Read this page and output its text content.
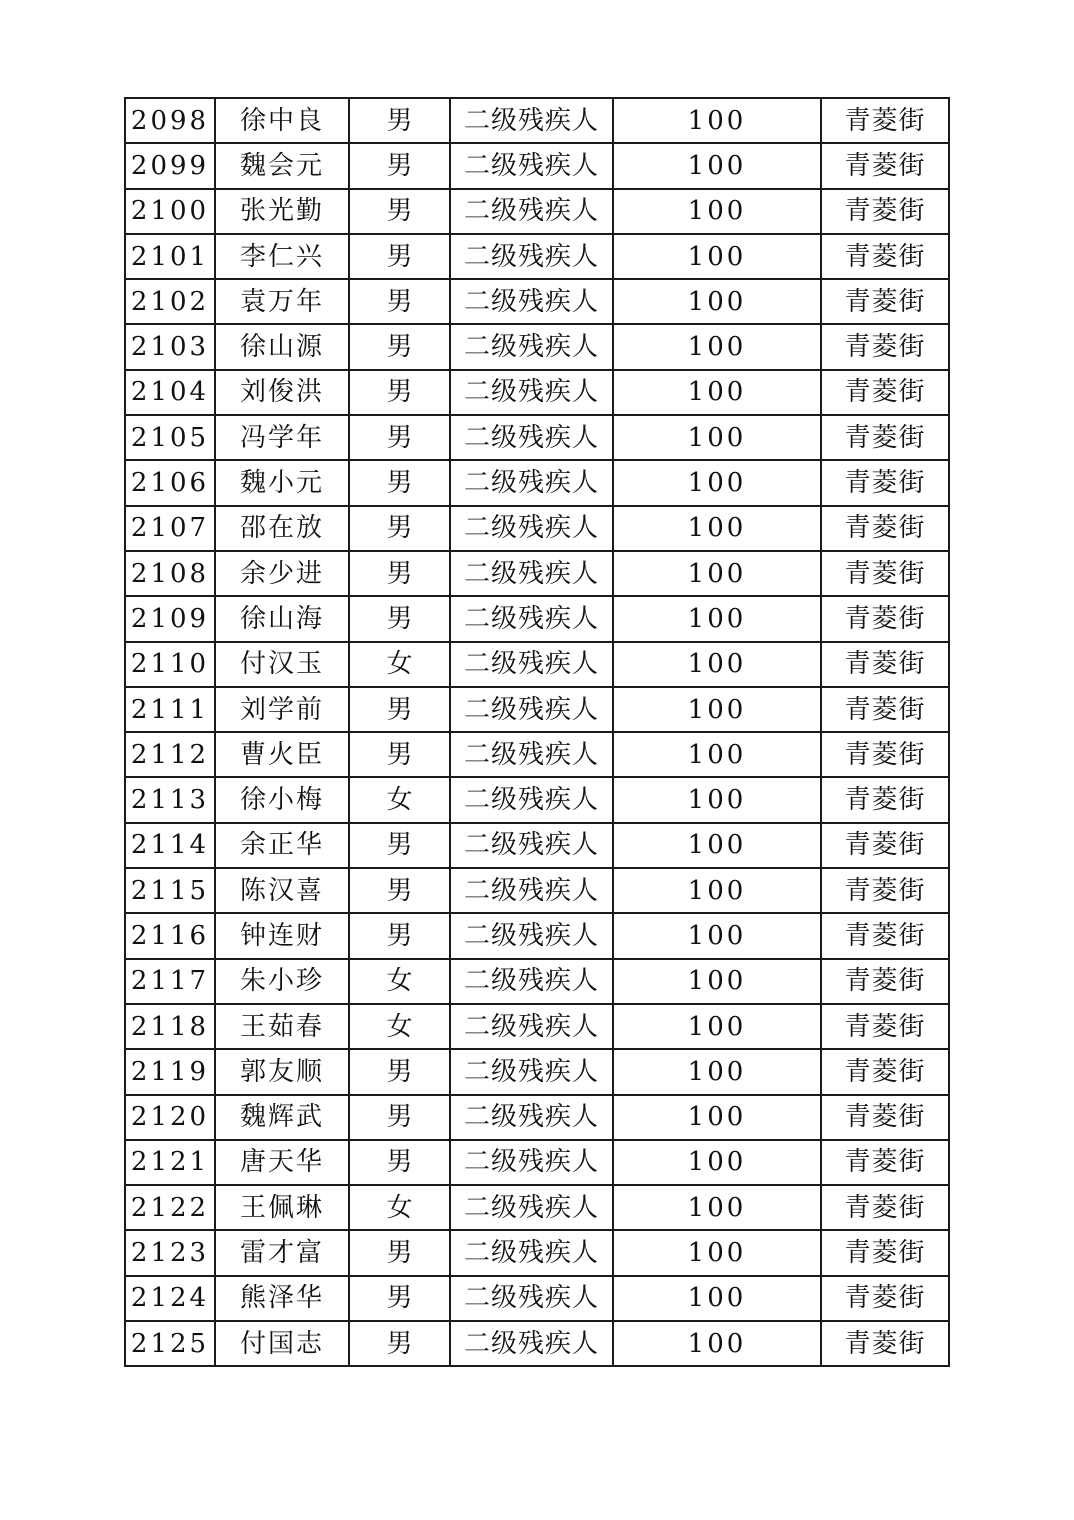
2098	徐中良	男	二级残疾人	100	青菱街
2099	魏会元	男	二级残疾人	100	青菱街
2100	张光勤	男	二级残疾人	100	青菱街
2101	李仁兴	男	二级残疾人	100	青菱街
2102	袁万年	男	二级残疾人	100	青菱街
2103	徐山源	男	二级残疾人	100	青菱街
2104	刘俊洪	男	二级残疾人	100	青菱街
2105	冯学年	男	二级残疾人	100	青菱街
2106	魏小元	男	二级残疾人	100	青菱街
2107	邵在放	男	二级残疾人	100	青菱街
2108	余少进	男	二级残疾人	100	青菱街
2109	徐山海	男	二级残疾人	100	青菱街
2110	付汉玉	女	二级残疾人	100	青菱街
2111	刘学前	男	二级残疾人	100	青菱街
2112	曹火臣	男	二级残疾人	100	青菱街
2113	徐小梅	女	二级残疾人	100	青菱街
2114	余正华	男	二级残疾人	100	青菱街
2115	陈汉喜	男	二级残疾人	100	青菱街
2116	钟连财	男	二级残疾人	100	青菱街
2117	朱小珍	女	二级残疾人	100	青菱街
2118	王茹春	女	二级残疾人	100	青菱街
2119	郭友顺	男	二级残疾人	100	青菱街
2120	魏辉武	男	二级残疾人	100	青菱街
2121	唐天华	男	二级残疾人	100	青菱街
2122	王佩琳	女	二级残疾人	100	青菱街
2123	雷才富	男	二级残疾人	100	青菱街
2124	熊泽华	男	二级残疾人	100	青菱街
2125	付国志	男	二级残疾人	100	青菱街
